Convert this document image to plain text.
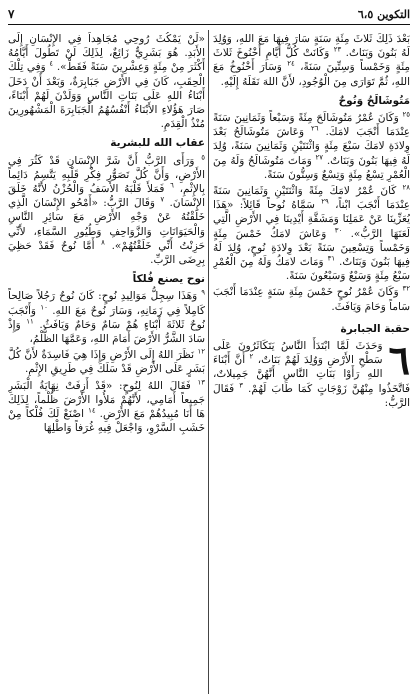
٧	التكوين ٦،٥

بَعْدَ ذَلِكَ ثَلاثَ مِئَةِ سَنَةٍ سَارَ فِيهَا مَعَ اللهِ، وَوُلِدَ لَهُ بَنُونَ وَبَنَاتٌ. $^{٢٣}$ وَكَانَتْ كُلُّ أَيَّامِ أَخْنُوخَ ثَلاثَ مِئَةٍ وَخَمْساً وَسِتِّينَ سَنَةً، $^{٢٤}$ وَسَارَ أَخْنُوخُ مَعَ اللهِ، ثُمَّ تَوَارَى مِنَ الْوُجُودِ، لأَنَّ اللهَ نَقَلَهُ إِلَيْهِ.

مَتُوشَالَحُ وَنُوحٌ

$^{٢٥}$ وَكَانَ عُمْرُ مَتُوشَالَحَ مِئَةً وَسَبْعاً وَثَمَانِينَ سَنَةً عِنْدَمَا أَنْجَبَ لامَكَ. $^{٢٦}$ وَعَاشَ مَتُوشَالَحُ بَعْدَ وِلادَةِ لامَكَ سَبْعَ مِئَةٍ وَاثْنَتَيْنِ وَثَمَانِينَ سَنَةً، وُلِدَ لَهُ فِيهَا بَنُونَ وَبَنَاتٌ. $^{٢٧}$ وَمَاتَ مَتُوشَالَحُ وَلَهُ مِنَ الْعُمْرِ تِسْعُ مِئَةٍ وَتِسْعٌ وَسِتُّونَ سَنَةً.

$^{٢٨}$ كَانَ عُمْرُ لامَكَ مِئَةً وَاثْنَتَيْنِ وَثَمَانِينَ سَنَةً عِنْدَمَا أَنْجَبَ ابْناً، $^{٢٩}$ سَمَّاهُ نُوحاً قَائِلاً: «هَذَا يُعَزِّينَا عَنْ عَمَلِنَا وَمَشَقَّةِ أَيْدِينَا فِي الأَرْضِ الَّتِي لَعَنَهَا الرَّبُّ». $^{٣٠}$ وَعَاشَ لامَكُ خَمْسَ مِئَةٍ وَخَمْساً وَتِسْعِينَ سَنَةً بَعْدَ وِلادَةِ نُوحٍ، وُلِدَ لَهُ فِيهَا بَنُونَ وَبَنَاتٌ. $^{٣١}$ وَمَاتَ لامَكُ وَلَهُ مِنَ الْعُمْرِ سَبْعُ مِئَةٍ وَسَبْعٌ وَسَبْعُونَ سَنَةً.

$^{٣٢}$ وَكَانَ عُمْرُ نُوحٍ خَمْسَ مِئَةِ سَنَةٍ عِنْدَمَا أَنْجَبَ سَاماً وَحَامَ وَيَافَثَ.

حقبة الجبابرة
٦

وَحَدَثَ لَمَّا ابْتَدَأَ النَّاسُ يَتَكَاثَرُونَ عَلَى سَطْحِ الأَرْضِ وَوُلِدَ لَهُمْ بَنَاتٌ، $^٢$ أَنَّ أَبْنَاءَ اللهِ رَأَوْا بَنَاتِ النَّاسِ أَنَّهُنَّ جَمِيلاتٌ، فَاتَّخَذُوا مِنْهُنَّ زَوْجَاتٍ كَمَا طَابَ لَهُمْ. $^٣$ فَقَالَ الرَّبُّ:

«لَنْ يَمْكُثَ رُوحِي مُجَاهِداً فِي الإِنْسَانِ إِلَى الأَبَدِ. هُوَ بَشَرِيٌّ زَائِغٌ، لِذَلِكَ لَنْ تَطُولَ أَيَّامُهُ أَكْثَرَ مِنْ مِئَةٍ وَعِشْرِينَ سَنَةً فَقَطْ». $^٤$ وَفِي تِلْكَ الْحِقَبِ، كَانَ فِي الأَرْضِ جَبَابِرَةٌ، وَبَعْدَ أَنْ دَخَلَ أَبْنَاءُ اللهِ عَلَى بَنَاتِ النَّاسِ وَوَلَدْنَ لَهُمْ أَبْنَاءً، صَارَ هَؤُلاءِ الأَبْنَاءُ أَنْفُسُهُمُ الْجَبَابِرَةَ الْمَشْهُورِينَ مُنْذُ الْقِدَمِ.

عقاب الله للبشرية

$^٥$ وَرَأَى الرَّبُّ أَنَّ شَرَّ الإِنْسَانِ قَدْ كَثُرَ فِي الأَرْضِ، وَأَنَّ كُلَّ تَصَوُّرِ فِكْرِ قَلْبِهِ يَتَّسِمُ دَائِماً بِالإِثْمِ، $^٦$ فَمَلأَ قَلْبَهُ الأَسَفُ وَالْحُزْنُ لأَنَّهُ خَلَقَ الإِنْسَانَ. $^٧$ وَقَالَ الرَّبُّ: «أَمْحُو الإِنْسَانَ الَّذِي خَلَقْتُهُ عَنْ وَجْهِ الأَرْضِ مَعَ سَائِرِ النَّاسِ وَالْحَيَوَانَاتِ وَالزَّوَاحِفِ وَطُيُورِ السَّمَاءِ، لأَنِّي حَزِنْتُ أَنِّي خَلَقْتُهُمْ». $^٨$ أَمَّا نُوحٌ فَقَدْ حَظِيَ بِرِضَى الرَّبِّ.

نوح يصنع فُلكاً

$^٩$ وَهَذَا سِجِلُّ مَوَالِيدِ نُوحٍ: كَانَ نُوحٌ رَجُلاً صَالِحاً كَامِلاً فِي زَمَانِهِ، وَسَارَ نُوحٌ مَعَ اللهِ. $^{١٠}$ وَأَنْجَبَ نُوحٌ ثَلاثَةَ أَبْنَاءٍ هُمْ سَامٌ وَحَامٌ وَيَافَثُ. $^{١١}$ وَإِذْ سَادَ الشَّرُّ الأَرْضَ أَمَامَ اللهِ، وَعَمَّهَا الظُّلْمُ،

$^{١٢}$ نَظَرَ اللهُ إِلَى الأَرْضِ وَإِذَا هِيَ فَاسِدَةٌ لأَنَّ كُلَّ بَشَرٍ عَلَى الأَرْضِ قَدْ سَلَكَ فِي طَرِيقِ الإِثْمِ.

$^{١٣}$ فَقَالَ اللهُ لِنُوحٍ: «قَدْ أَزِفَتْ نِهَايَةُ الْبَشَرِ جَمِيعاً أَمَامِي، لأَنَّهُمْ مَلأُوا الأَرْضَ ظُلْماً، لِذَلِكَ هَا أَنَا مُبِيدُهُمْ مَعَ الأَرْضِ. $^{١٤}$ اصْنَعْ لَكَ فُلْكاً مِنْ خَشَبِ السَّرْوِ، وَاجْعَلْ فِيهِ غُرَفاً وَاطْلِهَا
